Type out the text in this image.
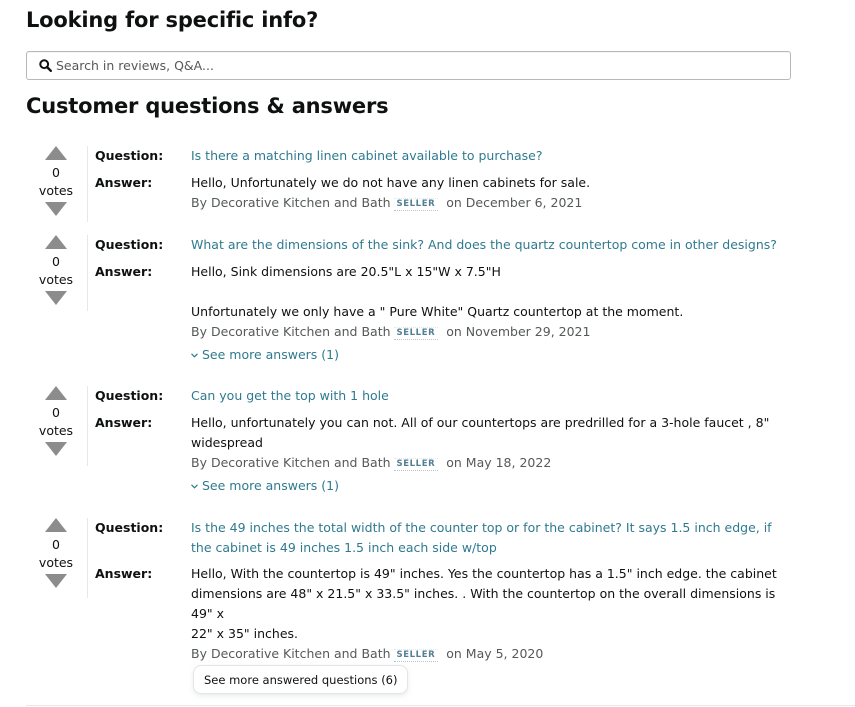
Looking for specific info?
Search in reviews, Q&A...
Customer questions & answers
0
votes
Question:	Is there a matching linen cabinet available to purchase?
Answer:	Hello, Unfortunately we do not have any linen cabinets for sale.
By Decorative Kitchen and Bath SELLER on December 6, 2021
0
votes
Question:	What are the dimensions of the sink? And does the quartz countertop come in other designs?
Answer:	Hello, Sink dimensions are 20.5"L x 15"W x 7.5"H
Unfortunately we only have a " Pure White" Quartz countertop at the moment.
By Decorative Kitchen and Bath SELLER on November 29, 2021
See more answers (1)
0
votes
Question:	Can you get the top with 1 hole
Answer:	Hello, unfortunately you can not. All of our countertops are predrilled for a 3-hole faucet , 8"
widespread
By Decorative Kitchen and Bath SELLER on May 18, 2022
See more answers (1)
0
votes
Question:	Is the 49 inches the total width of the counter top or for the cabinet? It says 1.5 inch edge, if the cabinet is 49 inches 1.5 inch each side w/top
Answer:	Hello, With the countertop is 49" inches. Yes the countertop has a 1.5" inch edge. the cabinet
dimensions are 48" x 21.5" x 33.5" inches. . With the countertop on the overall dimensions is 49" x
22" x 35" inches.
By Decorative Kitchen and Bath SELLER on May 5, 2020
See more answered questions (6)
